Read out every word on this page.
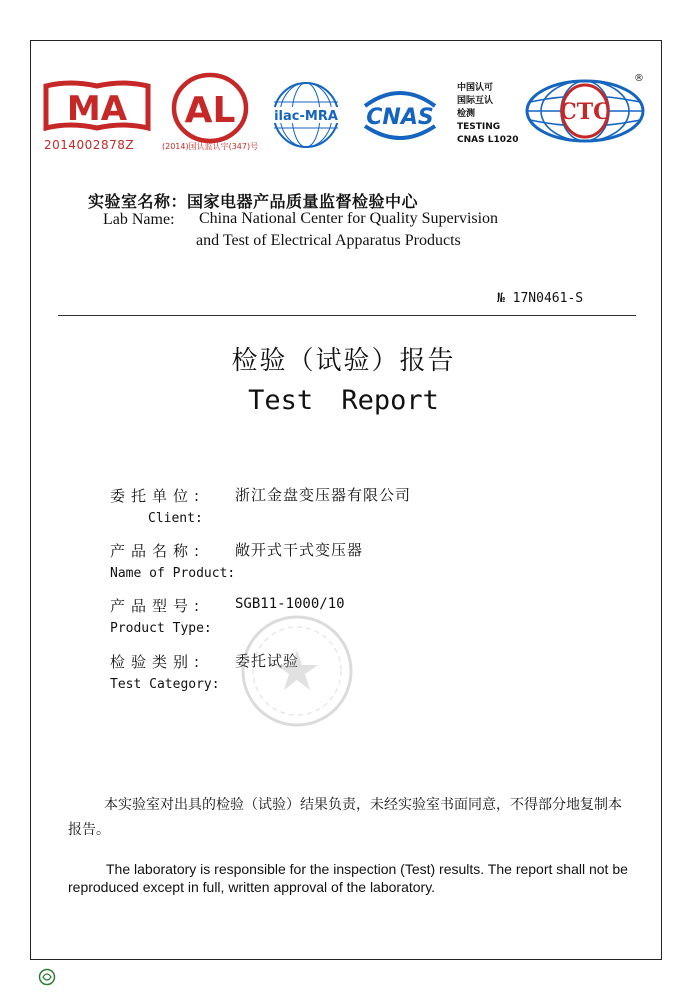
MA
2014002878Z
AL
(2014)国认监认字(347)号
ilac-MRA CNAS
中国认可
国际互认
检测
TESTING
CNAS L1020
CTC
®
实验室名称：国家电器产品质量监督检验中心
Lab Name: China National Center for Quality Supervision
and Test of Electrical Apparatus Products
№ 17N0461-S
检验（试验）报告
Test Report
委托单位: 浙江金盘变压器有限公司
Client:
产品名称: 敞开式干式变压器
Name of Product:
产品型号: SGB11-1000/10
Product Type:
检验类别: 委托试验
Test Category:
本实验室对出具的检验（试验）结果负责，未经实验室书面同意，不得部分地复制本报告。
The laboratory is responsible for the inspection (Test) results. The report shall not be reproduced except in full, written approval of the laboratory.
